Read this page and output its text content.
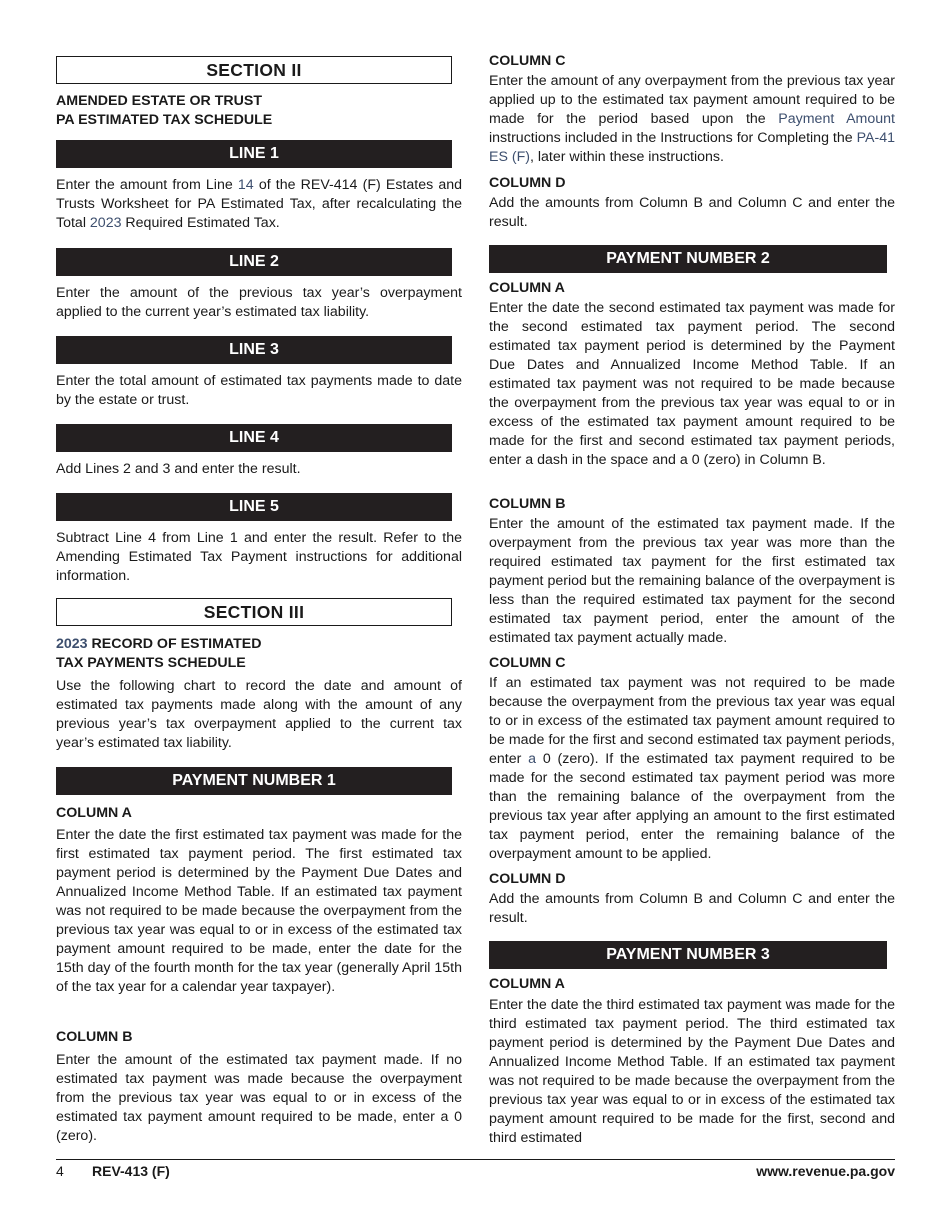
SECTION II

AMENDED ESTATE OR TRUST

PA ESTIMATED TAX SCHEDULE

LINE 1

Enter the amount from Line 14 of the REV-414 (F) Estates and Trusts Worksheet for PA Estimated Tax, after recalculating the Total 2023 Required Estimated Tax.

LINE 2

Enter the amount of the previous tax year’s overpayment applied to the current year’s estimated tax liability.

LINE 3

Enter the total amount of estimated tax payments made to date by the estate or trust.

LINE 4

Add Lines 2 and 3 and enter the result.

LINE 5

Subtract Line 4 from Line 1 and enter the result. Refer to the Amending Estimated Tax Payment instructions for additional information.

SECTION III

2023 RECORD OF ESTIMATED

TAX PAYMENTS SCHEDULE

Use the following chart to record the date and amount of estimated tax payments made along with the amount of any previous year’s tax overpayment applied to the current tax year’s estimated tax liability.

PAYMENT NUMBER 1

COLUMN A

Enter the date the first estimated tax payment was made for the first estimated tax payment period. The first estimated tax payment period is determined by the Payment Due Dates and Annualized Income Method Table. If an estimated tax payment was not required to be made because the overpayment from the previous tax year was equal to or in excess of the estimated tax payment amount required to be made, enter the date for the 15th day of the fourth month for the tax year (generally April 15th of the tax year for a calendar year taxpayer).

COLUMN B

Enter the amount of the estimated tax payment made. If no estimated tax payment was made because the overpayment from the previous tax year was equal to or in excess of the estimated tax payment amount required to be made, enter a 0 (zero).

COLUMN C

Enter the amount of any overpayment from the previous tax year applied up to the estimated tax payment amount required to be made for the period based upon the Payment Amount instructions included in the Instructions for Completing the PA-41 ES (F), later within these instructions.

COLUMN D

Add the amounts from Column B and Column C and enter the result.

PAYMENT NUMBER 2

COLUMN A

Enter the date the second estimated tax payment was made for the second estimated tax payment period. The second estimated tax payment period is determined by the Payment Due Dates and Annualized Income Method Table. If an estimated tax payment was not required to be made because the overpayment from the previous tax year was equal to or in excess of the estimated tax payment amount required to be made for the first and second estimated tax payment periods, enter a dash in the space and a 0 (zero) in Column B.

COLUMN B

Enter the amount of the estimated tax payment made. If the overpayment from the previous tax year was more than the required estimated tax payment for the first estimated tax payment period but the remaining balance of the overpayment is less than the required estimated tax payment for the second estimated tax payment period, enter the amount of the estimated tax payment actually made.

COLUMN C

If an estimated tax payment was not required to be made because the overpayment from the previous tax year was equal to or in excess of the estimated tax payment amount required to be made for the first and second estimated tax payment periods, enter a 0 (zero). If the estimated tax payment required to be made for the second estimated tax payment period was more than the remaining balance of the overpayment from the previous tax year after applying an amount to the first estimated tax payment period, enter the remaining balance of the overpayment amount to be applied.

COLUMN D

Add the amounts from Column B and Column C and enter the result.

PAYMENT NUMBER 3

COLUMN A

Enter the date the third estimated tax payment was made for the third estimated tax payment period. The third estimated tax payment period is determined by the Payment Due Dates and Annualized Income Method Table. If an estimated tax payment was not required to be made because the overpayment from the previous tax year was equal to or in excess of the estimated tax payment amount required to be made for the first, second and third estimated

4 REV-413 (F)	www.revenue.pa.gov
